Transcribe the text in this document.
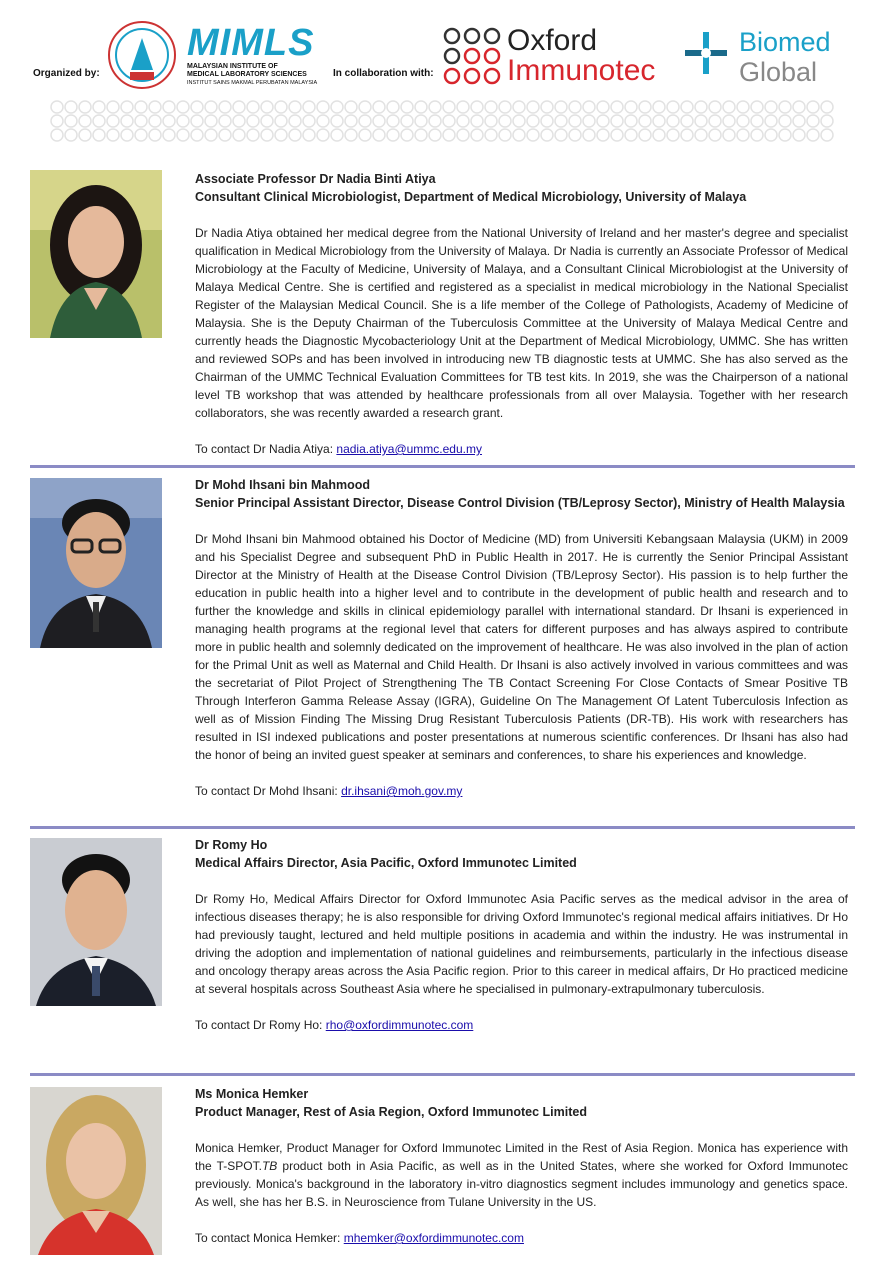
Organized by:
MIMLS
MALAYSIAN INSTITUTE OF
MEDICAL LABORATORY SCIENCES
INSTITUT SAINS MAKMAL PERUBATAN MALAYSIA
In collaboration with:
Oxford
Immunotec
Biomed
Global
Associate Professor Dr Nadia Binti Atiya
Consultant Clinical Microbiologist, Department of Medical Microbiology, University of Malaya
Dr Nadia Atiya obtained her medical degree from the National University of Ireland and her master's degree and specialist qualification in Medical Microbiology from the University of Malaya. Dr Nadia is currently an Associate Professor of Medical Microbiology at the Faculty of Medicine, University of Malaya, and a Consultant Clinical Microbiologist at the University of Malaya Medical Centre. She is certified and registered as a specialist in medical microbiology in the National Specialist Register of the Malaysian Medical Council. She is a life member of the College of Pathologists, Academy of Medicine of Malaysia. She is the Deputy Chairman of the Tuberculosis Committee at the University of Malaya Medical Centre and currently heads the Diagnostic Mycobacteriology Unit at the Department of Medical Microbiology, UMMC. She has written and reviewed SOPs and has been involved in introducing new TB diagnostic tests at UMMC. She has also served as the Chairman of the UMMC Technical Evaluation Committees for TB test kits. In 2019, she was the Chairperson of a national level TB workshop that was attended by healthcare professionals from all over Malaysia. Together with her research collaborators, she was recently awarded a research grant.
To contact Dr Nadia Atiya: nadia.atiya@ummc.edu.my
Dr Mohd Ihsani bin Mahmood
Senior Principal Assistant Director, Disease Control Division (TB/Leprosy Sector), Ministry of Health Malaysia
Dr Mohd Ihsani bin Mahmood obtained his Doctor of Medicine (MD) from Universiti Kebangsaan Malaysia (UKM) in 2009 and his Specialist Degree and subsequent PhD in Public Health in 2017. He is currently the Senior Principal Assistant Director at the Ministry of Health at the Disease Control Division (TB/Leprosy Sector). His passion is to help further the education in public health into a higher level and to contribute in the development of public health and research and to further the knowledge and skills in clinical epidemiology parallel with international standard. Dr Ihsani is experienced in managing health programs at the regional level that caters for different purposes and has always aspired to contribute more in public health and solemnly dedicated on the improvement of healthcare. He was also involved in the plan of action for the Primal Unit as well as Maternal and Child Health. Dr Ihsani is also actively involved in various committees and was the secretariat of Pilot Project of Strengthening The TB Contact Screening For Close Contacts of Smear Positive TB Through Interferon Gamma Release Assay (IGRA), Guideline On The Management Of Latent Tuberculosis Infection as well as of Mission Finding The Missing Drug Resistant Tuberculosis Patients (DR-TB). His work with researchers has resulted in ISI indexed publications and poster presentations at numerous scientific conferences. Dr Ihsani has also had the honor of being an invited guest speaker at seminars and conferences, to share his experiences and knowledge.
To contact Dr Mohd Ihsani: dr.ihsani@moh.gov.my
Dr Romy Ho
Medical Affairs Director, Asia Pacific, Oxford Immunotec Limited
Dr Romy Ho, Medical Affairs Director for Oxford Immunotec Asia Pacific serves as the medical advisor in the area of infectious diseases therapy; he is also responsible for driving Oxford Immunotec's regional medical affairs initiatives. Dr Ho had previously taught, lectured and held multiple positions in academia and within the industry. He was instrumental in driving the adoption and implementation of national guidelines and reimbursements, particularly in the infectious disease and oncology therapy areas across the Asia Pacific region. Prior to this career in medical affairs, Dr Ho practiced medicine at several hospitals across Southeast Asia where he specialised in pulmonary-extrapulmonary tuberculosis.
To contact Dr Romy Ho: rho@oxfordimmunotec.com
Ms Monica Hemker
Product Manager, Rest of Asia Region, Oxford Immunotec Limited
Monica Hemker, Product Manager for Oxford Immunotec Limited in the Rest of Asia Region. Monica has experience with the T-SPOT.TB product both in Asia Pacific, as well as in the United States, where she worked for Oxford Immunotec previously. Monica's background in the laboratory in-vitro diagnostics segment includes immunology and genetics space. As well, she has her B.S. in Neuroscience from Tulane University in the US.
To contact Monica Hemker: mhemker@oxfordimmunotec.com
